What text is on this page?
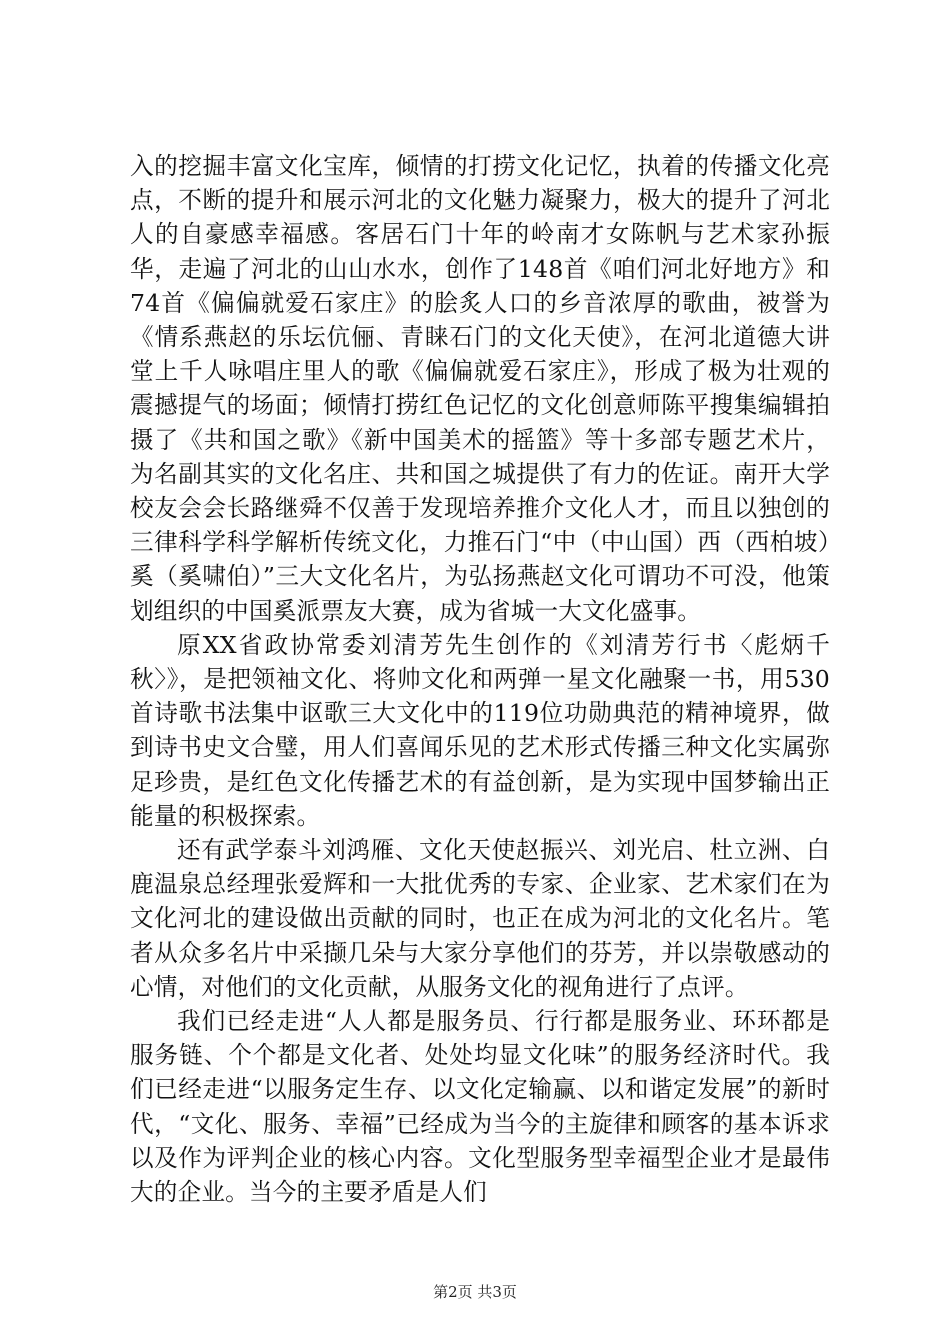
入的挖掘丰富文化宝库，倾情的打捞文化记忆，执着的传播文化亮点，不断的提升和展示河北的文化魅力凝聚力，极大的提升了河北人的自豪感幸福感。客居石门十年的岭南才女陈帆与艺术家孙振华，走遍了河北的山山水水，创作了148首《咱们河北好地方》和74首《偏偏就爱石家庄》的脍炙人口的乡音浓厚的歌曲，被誉为《情系燕赵的乐坛伉俪、青睐石门的文化天使》，在河北道德大讲堂上千人咏唱庄里人的歌《偏偏就爱石家庄》，形成了极为壮观的震撼提气的场面；倾情打捞红色记忆的文化创意师陈平搜集编辑拍摄了《共和国之歌》《新中国美术的摇篮》等十多部专题艺术片，为名副其实的文化名庄、共和国之城提供了有力的佐证。南开大学校友会会长路继舜不仅善于发现培养推介文化人才，而且以独创的三律科学科学解析传统文化，力推石门“中（中山国）西（西柏坡）奚（奚啸伯）”三大文化名片，为弘扬燕赵文化可谓功不可没，他策划组织的中国奚派票友大赛，成为省城一大文化盛事。

原XX省政协常委刘清芳先生创作的《刘清芳行书〈彪炳千秋〉》，是把领袖文化、将帅文化和两弹一星文化融聚一书，用530首诗歌书法集中讴歌三大文化中的119位功勋典范的精神境界，做到诗书史文合璧，用人们喜闻乐见的艺术形式传播三种文化实属弥足珍贵，是红色文化传播艺术的有益创新，是为实现中国梦输出正能量的积极探索。

还有武学泰斗刘鸿雁、文化天使赵振兴、刘光启、杜立洲、白鹿温泉总经理张爱辉和一大批优秀的专家、企业家、艺术家们在为文化河北的建设做出贡献的同时，也正在成为河北的文化名片。笔者从众多名片中采撷几朵与大家分享他们的芬芳，并以崇敬感动的心情，对他们的文化贡献，从服务文化的视角进行了点评。

我们已经走进“人人都是服务员、行行都是服务业、环环都是服务链、个个都是文化者、处处均显文化味”的服务经济时代。我们已经走进“以服务定生存、以文化定输赢、以和谐定发展”的新时代，“文化、服务、幸福”已经成为当今的主旋律和顾客的基本诉求以及作为评判企业的核心内容。文化型服务型幸福型企业才是最伟大的企业。当今的主要矛盾是人们

第2页 共3页
